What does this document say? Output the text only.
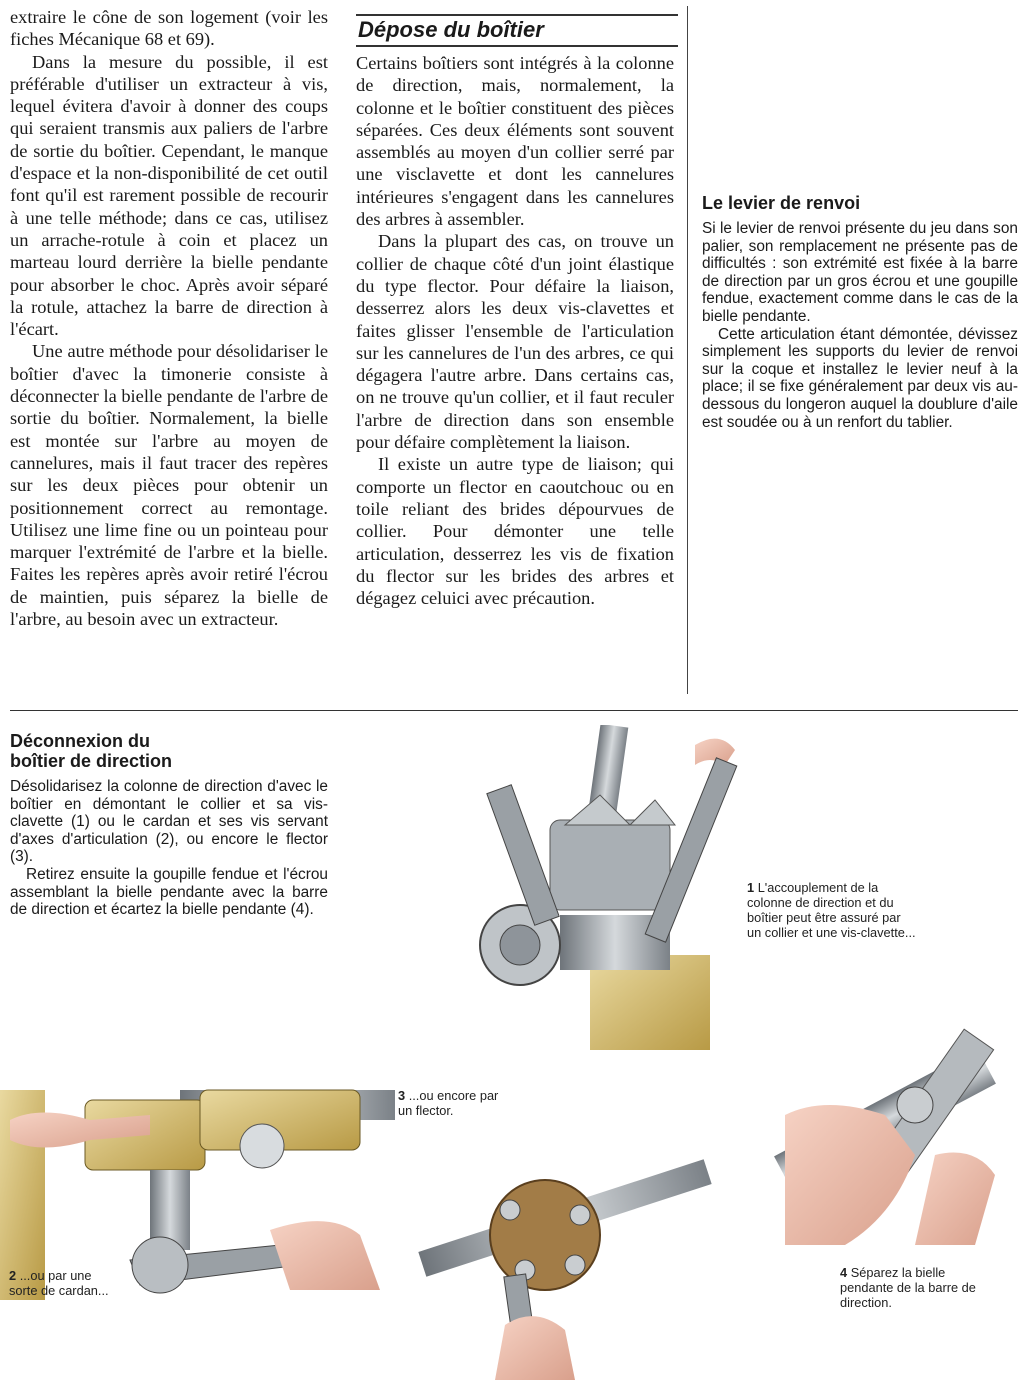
extraire le cône de son logement (voir les fiches Mécanique 68 et 69).

Dans la mesure du possible, il est préférable d'utiliser un extracteur à vis, lequel évitera d'avoir à donner des coups qui seraient transmis aux paliers de l'arbre de sortie du boîtier. Cependant, le manque d'espace et la non-disponibilité de cet outil font qu'il est rarement possible de recourir à une telle méthode; dans ce cas, utilisez un arrache-rotule à coin et placez un marteau lourd derrière la bielle pendante pour absorber le choc. Après avoir séparé la rotule, attachez la barre de direction à l'écart.

Une autre méthode pour désolidariser le boîtier d'avec la timonerie consiste à déconnecter la bielle pendante de l'arbre de sortie du boîtier. Normalement, la bielle est montée sur l'arbre au moyen de cannelures, mais il faut tracer des repères sur les deux pièces pour obtenir un positionnement correct au remontage. Utilisez une lime fine ou un pointeau pour marquer l'extrémité de l'arbre et la bielle. Faites les repères après avoir retiré l'écrou de maintien, puis séparez la bielle de l'arbre, au besoin avec un extracteur.

Dépose du boîtier

Certains boîtiers sont intégrés à la colonne de direction, mais, normalement, la colonne et le boîtier constituent des pièces séparées. Ces deux éléments sont souvent assemblés au moyen d'un collier serré par une visclavette et dont les cannelures intérieures s'engagent dans les cannelures des arbres à assembler.

Dans la plupart des cas, on trouve un collier de chaque côté d'un joint élastique du type flector. Pour défaire la liaison, desserrez alors les deux vis-clavettes et faites glisser l'ensemble de l'articulation sur les cannelures de l'un des arbres, ce qui dégagera l'autre arbre. Dans certains cas, on ne trouve qu'un collier, et il faut reculer l'arbre de direction dans son ensemble pour défaire complètement la liaison.

Il existe un autre type de liaison; qui comporte un flector en caoutchouc ou en toile reliant des brides dépourvues de collier. Pour démonter une telle articulation, desserrez les vis de fixation du flector sur les brides des arbres et dégagez celuici avec précaution.

Le levier de renvoi

Si le levier de renvoi présente du jeu dans son palier, son remplacement ne présente pas de difficultés : son extrémité est fixée à la barre de direction par un gros écrou et une goupille fendue, exactement comme dans le cas de la bielle pendante.

Cette articulation étant démontée, dévissez simplement les supports du levier de renvoi sur la coque et installez le levier neuf à la place; il se fixe généralement par deux vis au-dessous du longeron auquel la doublure d'aile est soudée ou à un renfort du tablier.

Déconnexion du
boîtier de direction

Désolidarisez la colonne de direction d'avec le boîtier en démontant le collier et sa vis-clavette (1) ou le cardan et ses vis servant d'axes d'articulation (2), ou encore le flector (3).

Retirez ensuite la goupille fendue et l'écrou assemblant la bielle pendante avec la barre de direction et écartez la bielle pendante (4).

1 L'accouplement de la colonne de direction et du boîtier peut être assuré par un collier et une vis-clavette...
2 ...ou par une sorte de cardan...
3 ...ou encore par un flector.
4 Séparez la bielle pendante de la barre de direction.
